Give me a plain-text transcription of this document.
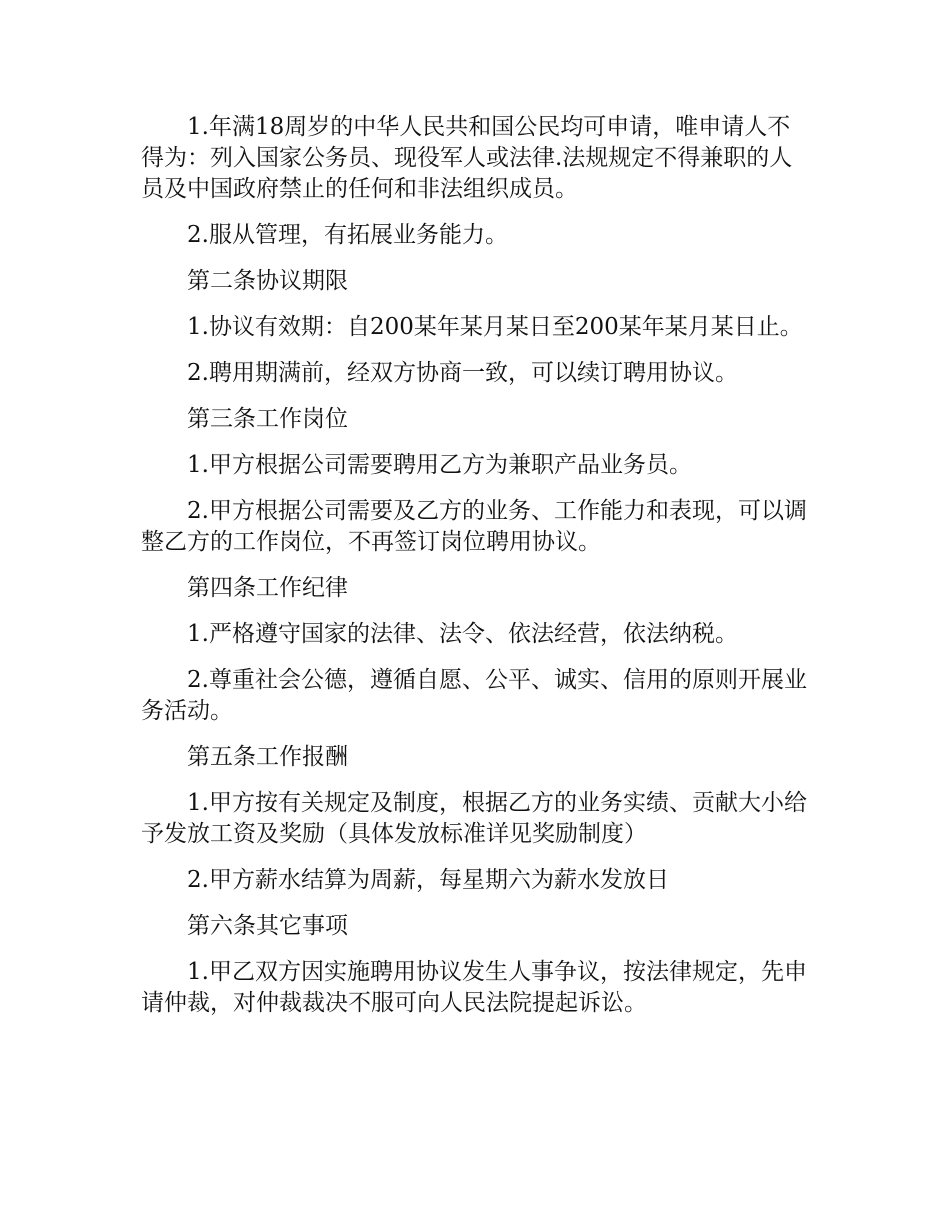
1.年满18周岁的中华人民共和国公民均可申请，唯申请人不得为：列入国家公务员、现役军人或法律.法规规定不得兼职的人员及中国政府禁止的任何和非法组织成员。

2.服从管理，有拓展业务能力。

第二条协议期限

1.协议有效期：自200某年某月某日至200某年某月某日止。

2.聘用期满前，经双方协商一致，可以续订聘用协议。

第三条工作岗位

1.甲方根据公司需要聘用乙方为兼职产品业务员。

2.甲方根据公司需要及乙方的业务、工作能力和表现，可以调整乙方的工作岗位，不再签订岗位聘用协议。

第四条工作纪律

1.严格遵守国家的法律、法令、依法经营，依法纳税。

2.尊重社会公德，遵循自愿、公平、诚实、信用的原则开展业务活动。

第五条工作报酬

1.甲方按有关规定及制度，根据乙方的业务实绩、贡献大小给予发放工资及奖励（具体发放标准详见奖励制度）

2.甲方薪水结算为周薪，每星期六为薪水发放日

第六条其它事项

1.甲乙双方因实施聘用协议发生人事争议，按法律规定，先申请仲裁，对仲裁裁决不服可向人民法院提起诉讼。
